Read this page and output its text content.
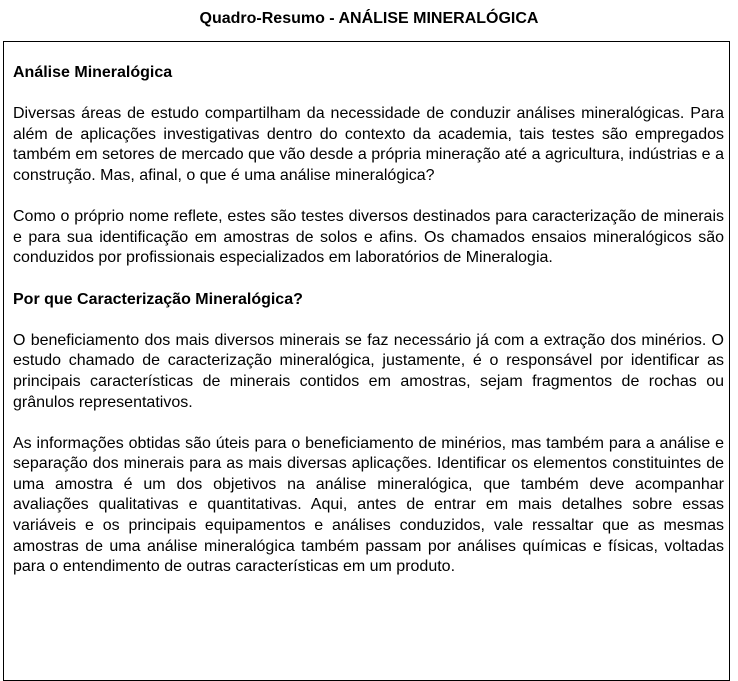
Quadro-Resumo - ANÁLISE MINERALÓGICA

Análise Mineralógica

Diversas áreas de estudo compartilham da necessidade de conduzir análises mineralógicas. Para além de aplicações investigativas dentro do contexto da academia, tais testes são empregados também em setores de mercado que vão desde a própria mineração até a agricultura, indústrias e a construção. Mas, afinal, o que é uma análise mineralógica?

Como o próprio nome reflete, estes são testes diversos destinados para caracterização de minerais e para sua identificação em amostras de solos e afins. Os chamados ensaios mineralógicos são conduzidos por profissionais especializados em laboratórios de Mineralogia.

Por que Caracterização Mineralógica?

O beneficiamento dos mais diversos minerais se faz necessário já com a extração dos minérios. O estudo chamado de caracterização mineralógica, justamente, é o responsável por identificar as principais características de minerais contidos em amostras, sejam fragmentos de rochas ou grânulos representativos.

As informações obtidas são úteis para o beneficiamento de minérios, mas também para a análise e separação dos minerais para as mais diversas aplicações. Identificar os elementos constituintes de uma amostra é um dos objetivos na análise mineralógica, que também deve acompanhar avaliações qualitativas e quantitativas. Aqui, antes de entrar em mais detalhes sobre essas variáveis e os principais equipamentos e análises conduzidos, vale ressaltar que as mesmas amostras de uma análise mineralógica também passam por análises químicas e físicas, voltadas para o entendimento de outras características em um produto.
